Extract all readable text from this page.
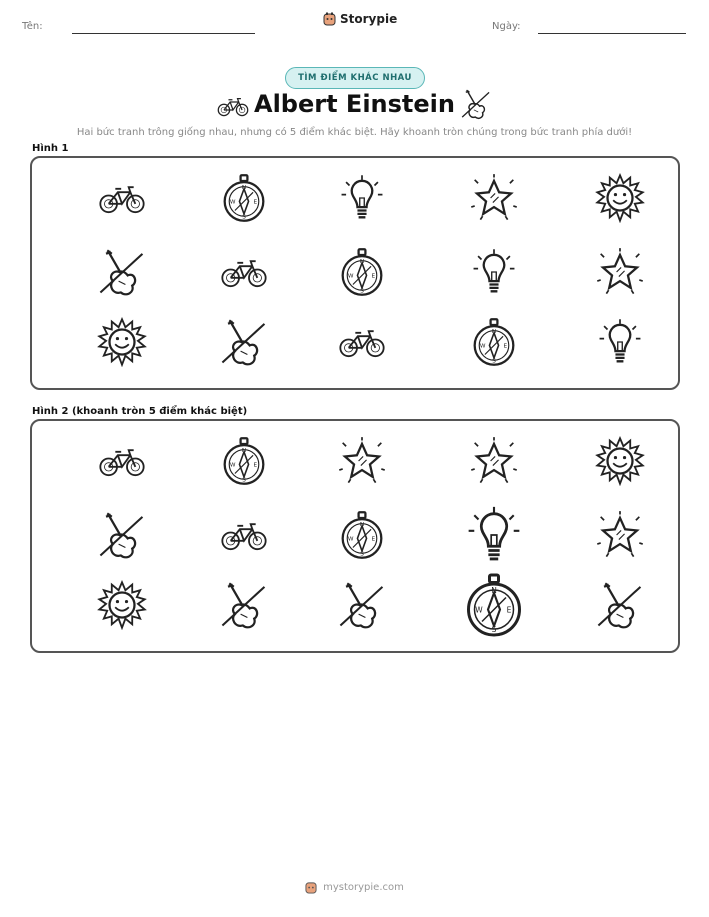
Tên:
Storypie
Ngày:
TÌM ĐIỂM KHÁC NHAU
Albert Einstein
Hai bức tranh trông giống nhau, nhưng có 5 điểm khác biệt. Hãy khoanh tròn chúng trong bức tranh phía dưới!
Hình 1
Hình 2 (khoanh tròn 5 điểm khác biệt)
mystorypie.com
